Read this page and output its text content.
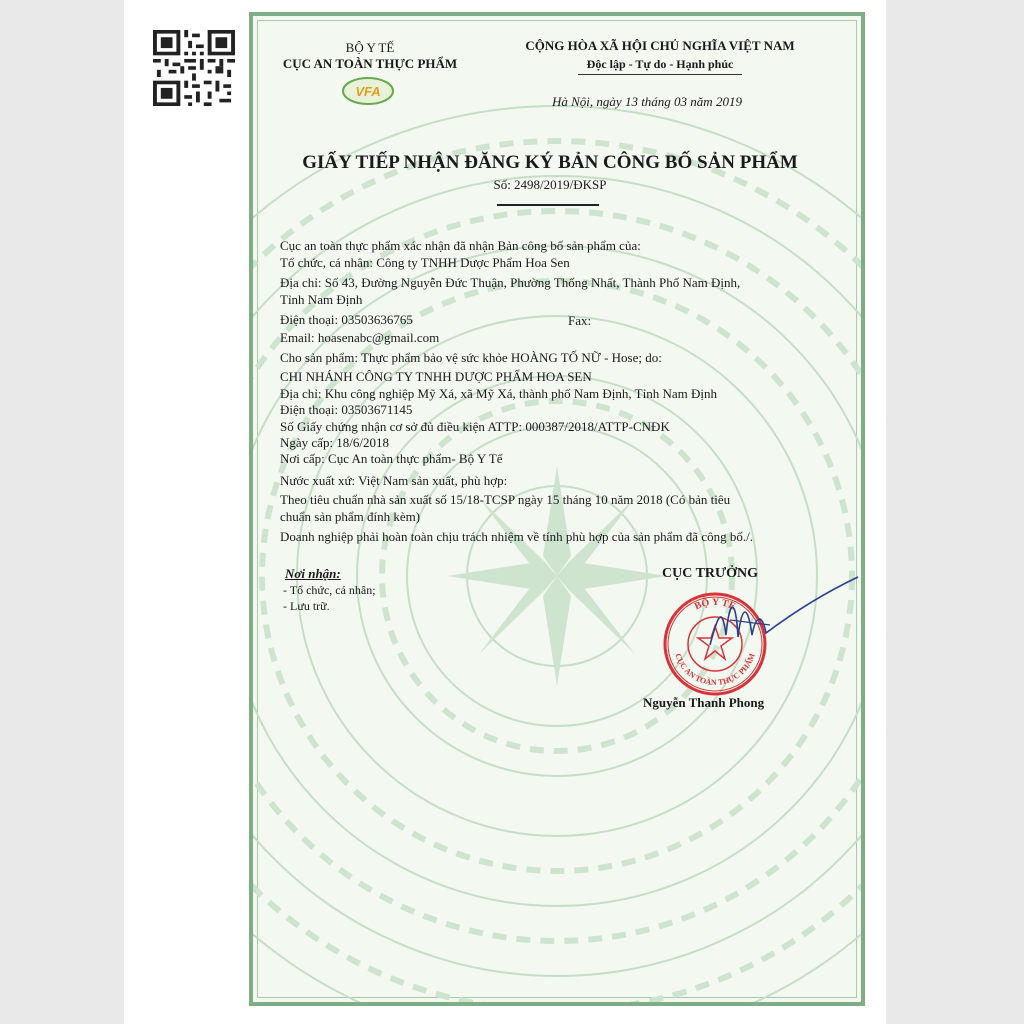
BỘ Y TẾ
CỤC AN TOÀN THỰC PHẨM
VFA
CỘNG HÒA XÃ HỘI CHỦ NGHĨA VIỆT NAM
Độc lập - Tự do - Hạnh phúc
Hà Nội, ngày 13 tháng 03 năm 2019
GIẤY TIẾP NHẬN ĐĂNG KÝ BẢN CÔNG BỐ SẢN PHẨM
Số: 2498/2019/ĐKSP
Cục an toàn thực phẩm xác nhận đã nhận Bản công bố sản phẩm của:
Tổ chức, cá nhân: Công ty TNHH Dược Phẩm Hoa Sen
Địa chỉ: Số 43, Đường Nguyễn Đức Thuận, Phường Thống Nhất, Thành Phố Nam Định,
Tỉnh Nam Định
Điện thoại: 03503636765
Email: hoasenabc@gmail.com
Cho sản phẩm: Thực phẩm bảo vệ sức khỏe HOÀNG TỐ NỮ - Hose; do:
CHI NHÁNH CÔNG TY TNHH DƯỢC PHẨM HOA SEN
Địa chỉ: Khu công nghiệp Mỹ Xá, xã Mỹ Xá, thành phố Nam Định, Tỉnh Nam Định
Điện thoại: 03503671145
Số Giấy chứng nhận cơ sở đủ điều kiện ATTP: 000387/2018/ATTP-CNĐK
Ngày cấp: 18/6/2018
Nơi cấp: Cục An toàn thực phẩm- Bộ Y Tế
Nước xuất xứ: Việt Nam sản xuất, phù hợp:
Theo tiêu chuẩn nhà sản xuất số 15/18-TCSP ngày 15 tháng 10 năm 2018 (Có bản tiêu
chuẩn sản phẩm đính kèm)
Doanh nghiệp phải hoàn toàn chịu trách nhiệm về tính phù hợp của sản phẩm đã công bố./.
Fax:
Nơi nhận:
- Tổ chức, cá nhân;
- Lưu trữ.
CỤC TRƯỞNG
BỘ Y TẾ
CỤC AN TOÀN THỰC PHẨM
Nguyễn Thanh Phong
